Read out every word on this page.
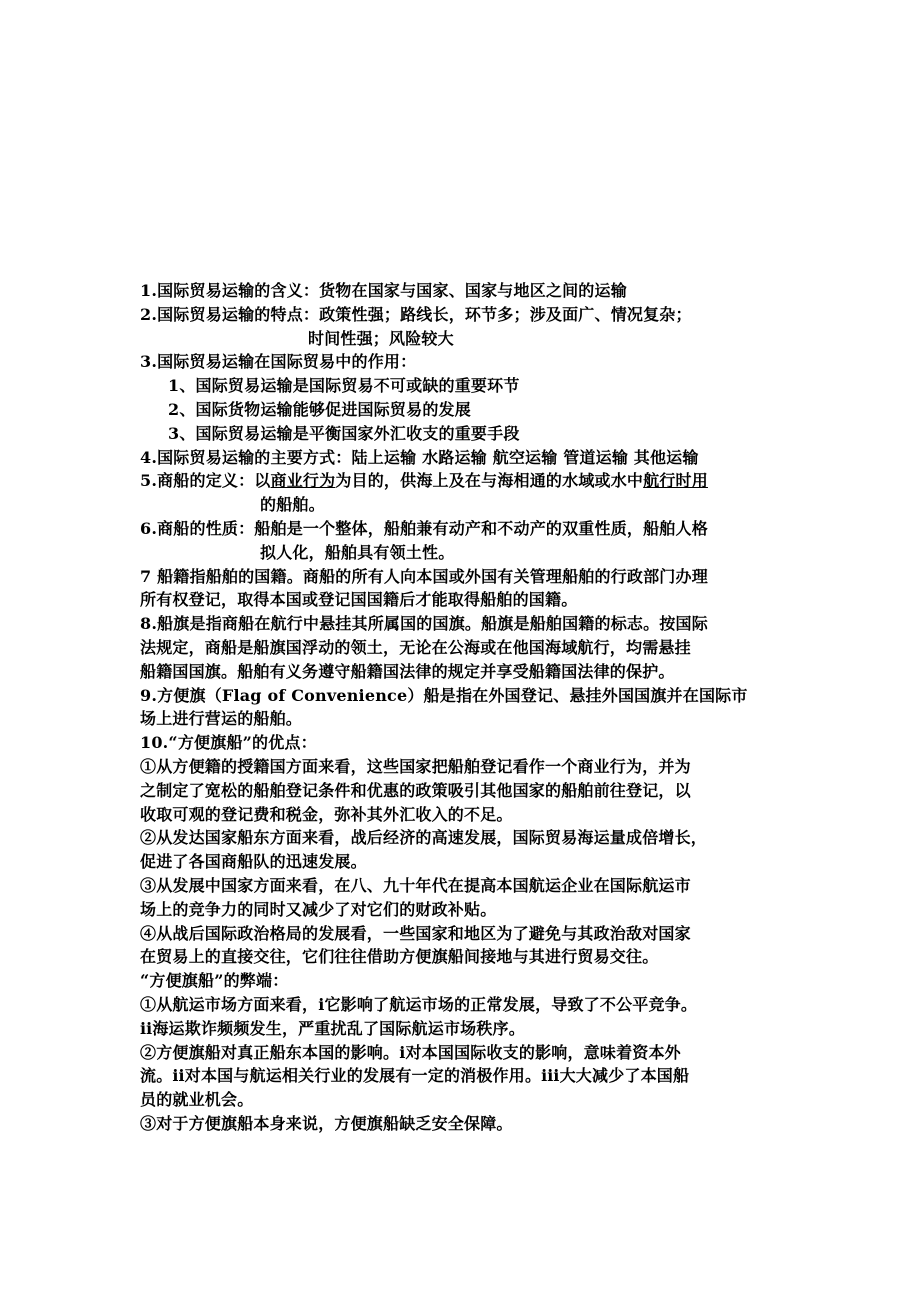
1.国际贸易运输的含义：货物在国家与国家、国家与地区之间的运输
2.国际贸易运输的特点：政策性强；路线长，环节多；涉及面广、情况复杂；
时间性强；风险较大
3.国际贸易运输在国际贸易中的作用：
1、国际贸易运输是国际贸易不可或缺的重要环节
2、国际货物运输能够促进国际贸易的发展
3、国际贸易运输是平衡国家外汇收支的重要手段
4.国际贸易运输的主要方式：陆上运输 水路运输 航空运输 管道运输 其他运输
5.商船的定义：以商业行为为目的，供海上及在与海相通的水域或水中航行时用
的船舶。
6.商船的性质：船舶是一个整体，船舶兼有动产和不动产的双重性质，船舶人格
拟人化，船舶具有领土性。
7 船籍指船舶的国籍。商船的所有人向本国或外国有关管理船舶的行政部门办理
所有权登记，取得本国或登记国国籍后才能取得船舶的国籍。
8.船旗是指商船在航行中悬挂其所属国的国旗。船旗是船舶国籍的标志。按国际
法规定，商船是船旗国浮动的领土，无论在公海或在他国海域航行，均需悬挂
船籍国国旗。船舶有义务遵守船籍国法律的规定并享受船籍国法律的保护。
9.方便旗（Flag of Convenience）船是指在外国登记、悬挂外国国旗并在国际市
场上进行营运的船舶。
10.“方便旗船”的优点：
①从方便籍的授籍国方面来看，这些国家把船舶登记看作一个商业行为，并为
之制定了宽松的船舶登记条件和优惠的政策吸引其他国家的船舶前往登记，以
收取可观的登记费和税金，弥补其外汇收入的不足。
②从发达国家船东方面来看，战后经济的高速发展，国际贸易海运量成倍增长，
促进了各国商船队的迅速发展。
③从发展中国家方面来看，在八、九十年代在提高本国航运企业在国际航运市
场上的竞争力的同时又减少了对它们的财政补贴。
④从战后国际政治格局的发展看，一些国家和地区为了避免与其政治敌对国家
在贸易上的直接交往，它们往往借助方便旗船间接地与其进行贸易交往。
“方便旗船”的弊端：
①从航运市场方面来看，ⅰ它影响了航运市场的正常发展，导致了不公平竞争。
ⅱ海运欺诈频频发生，严重扰乱了国际航运市场秩序。
②方便旗船对真正船东本国的影响。ⅰ对本国国际收支的影响，意味着资本外
流。ⅱ对本国与航运相关行业的发展有一定的消极作用。ⅲ大大减少了本国船
员的就业机会。
③对于方便旗船本身来说，方便旗船缺乏安全保障。
